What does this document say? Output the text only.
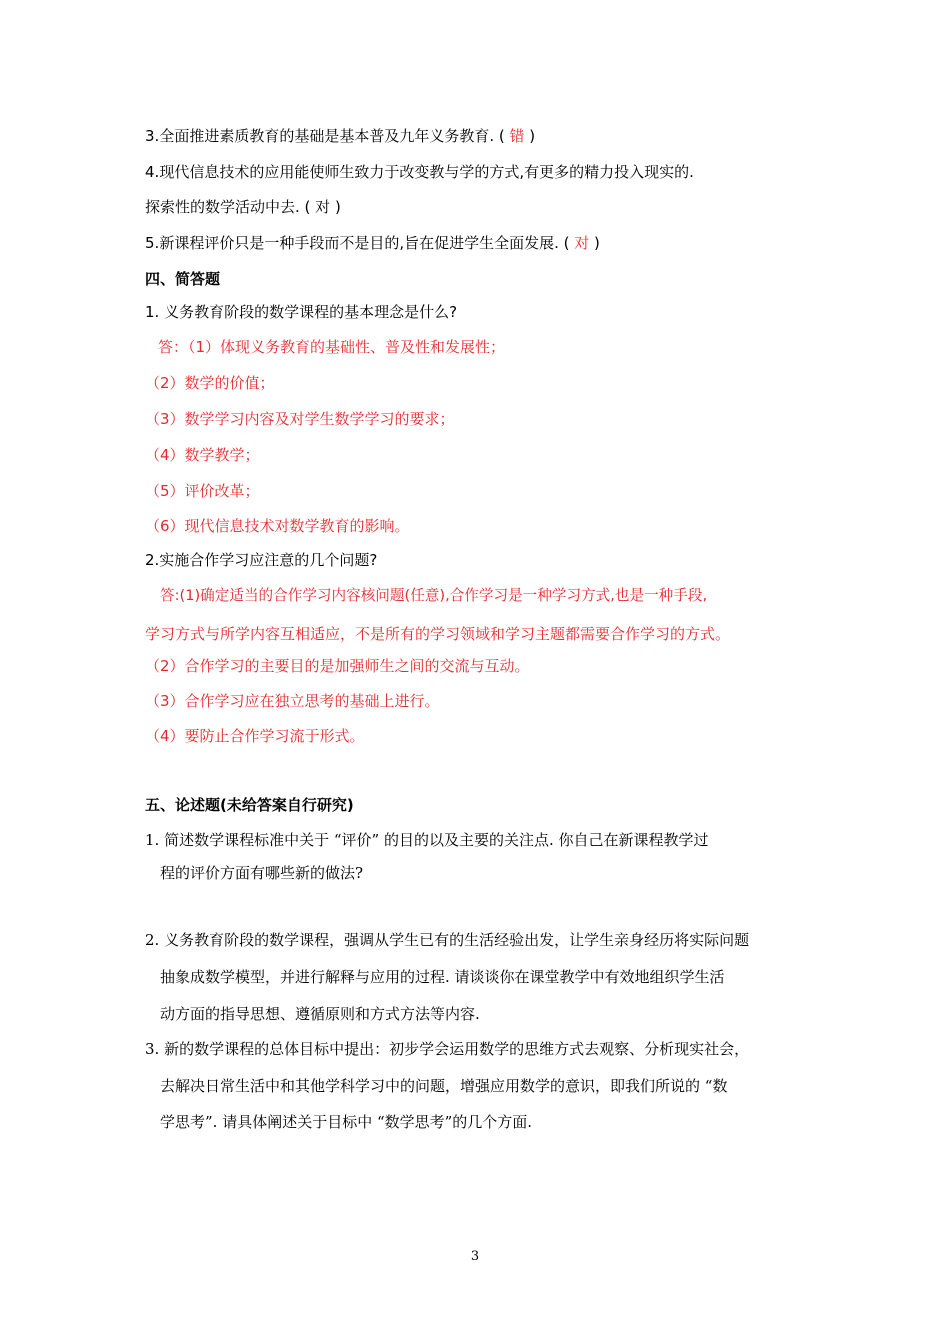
3.全面推进素质教育的基础是基本普及九年义务教育. ( 错 )
4.现代信息技术的应用能使师生致力于改变教与学的方式,有更多的精力投入现实的.
探索性的数学活动中去. ( 对 )
5.新课程评价只是一种手段而不是目的,旨在促进学生全面发展. ( 对 )
四、简答题
1. 义务教育阶段的数学课程的基本理念是什么?
答：（1）体现义务教育的基础性、普及性和发展性；
（2）数学的价值；
（3）数学学习内容及对学生数学学习的要求；
（4）数学教学；
（5）评价改革；
（6）现代信息技术对数学教育的影响。
2.实施合作学习应注意的几个问题?
答:(1)确定适当的合作学习内容核问题(任意),合作学习是一种学习方式,也是一种手段,
学习方式与所学内容互相适应，不是所有的学习领域和学习主题都需要合作学习的方式。
（2）合作学习的主要目的是加强师生之间的交流与互动。
（3）合作学习应在独立思考的基础上进行。
（4）要防止合作学习流于形式。
五、论述题(未给答案自行研究)
1. 简述数学课程标准中关于 “评价” 的目的以及主要的关注点. 你自己在新课程教学过
程的评价方面有哪些新的做法?
2. 义务教育阶段的数学课程，强调从学生已有的生活经验出发，让学生亲身经历将实际问题
抽象成数学模型，并进行解释与应用的过程. 请谈谈你在课堂教学中有效地组织学生活
动方面的指导思想、遵循原则和方式方法等内容.
3. 新的数学课程的总体目标中提出：初步学会运用数学的思维方式去观察、分析现实社会，
去解决日常生活中和其他学科学习中的问题，增强应用数学的意识，即我们所说的 “数
学思考”. 请具体阐述关于目标中 “数学思考”的几个方面.
3
